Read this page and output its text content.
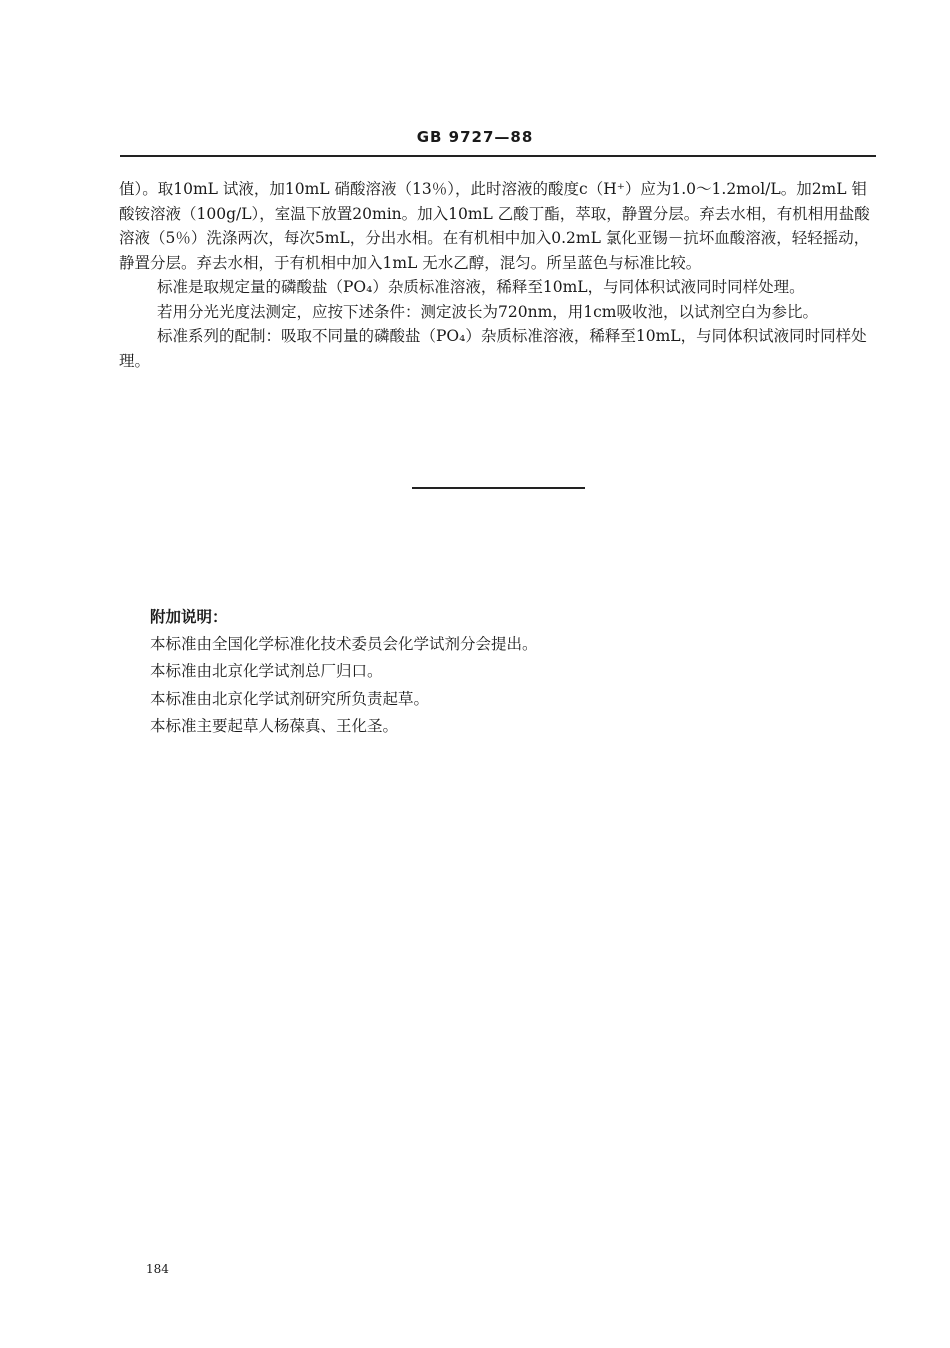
GB 9727—88

值）。取10mL 试液，加10mL 硝酸溶液（13％），此时溶液的酸度c（H⁺）应为1.0～1.2mol/L。加2mL 钼酸铵溶液（100g/L），室温下放置20min。加入10mL 乙酸丁酯，萃取，静置分层。弃去水相，有机相用盐酸溶液（5％）洗涤两次，每次5mL，分出水相。在有机相中加入0.2mL 氯化亚锡－抗坏血酸溶液，轻轻摇动，静置分层。弃去水相，于有机相中加入1mL 无水乙醇，混匀。所呈蓝色与标准比较。

标准是取规定量的磷酸盐（PO₄）杂质标准溶液，稀释至10mL，与同体积试液同时同样处理。

若用分光光度法测定，应按下述条件：测定波长为720nm，用1cm吸收池，以试剂空白为参比。

标准系列的配制：吸取不同量的磷酸盐（PO₄）杂质标准溶液，稀释至10mL，与同体积试液同时同样处理。

附加说明：

本标准由全国化学标准化技术委员会化学试剂分会提出。

本标准由北京化学试剂总厂归口。

本标准由北京化学试剂研究所负责起草。

本标准主要起草人杨葆真、王化圣。

184
